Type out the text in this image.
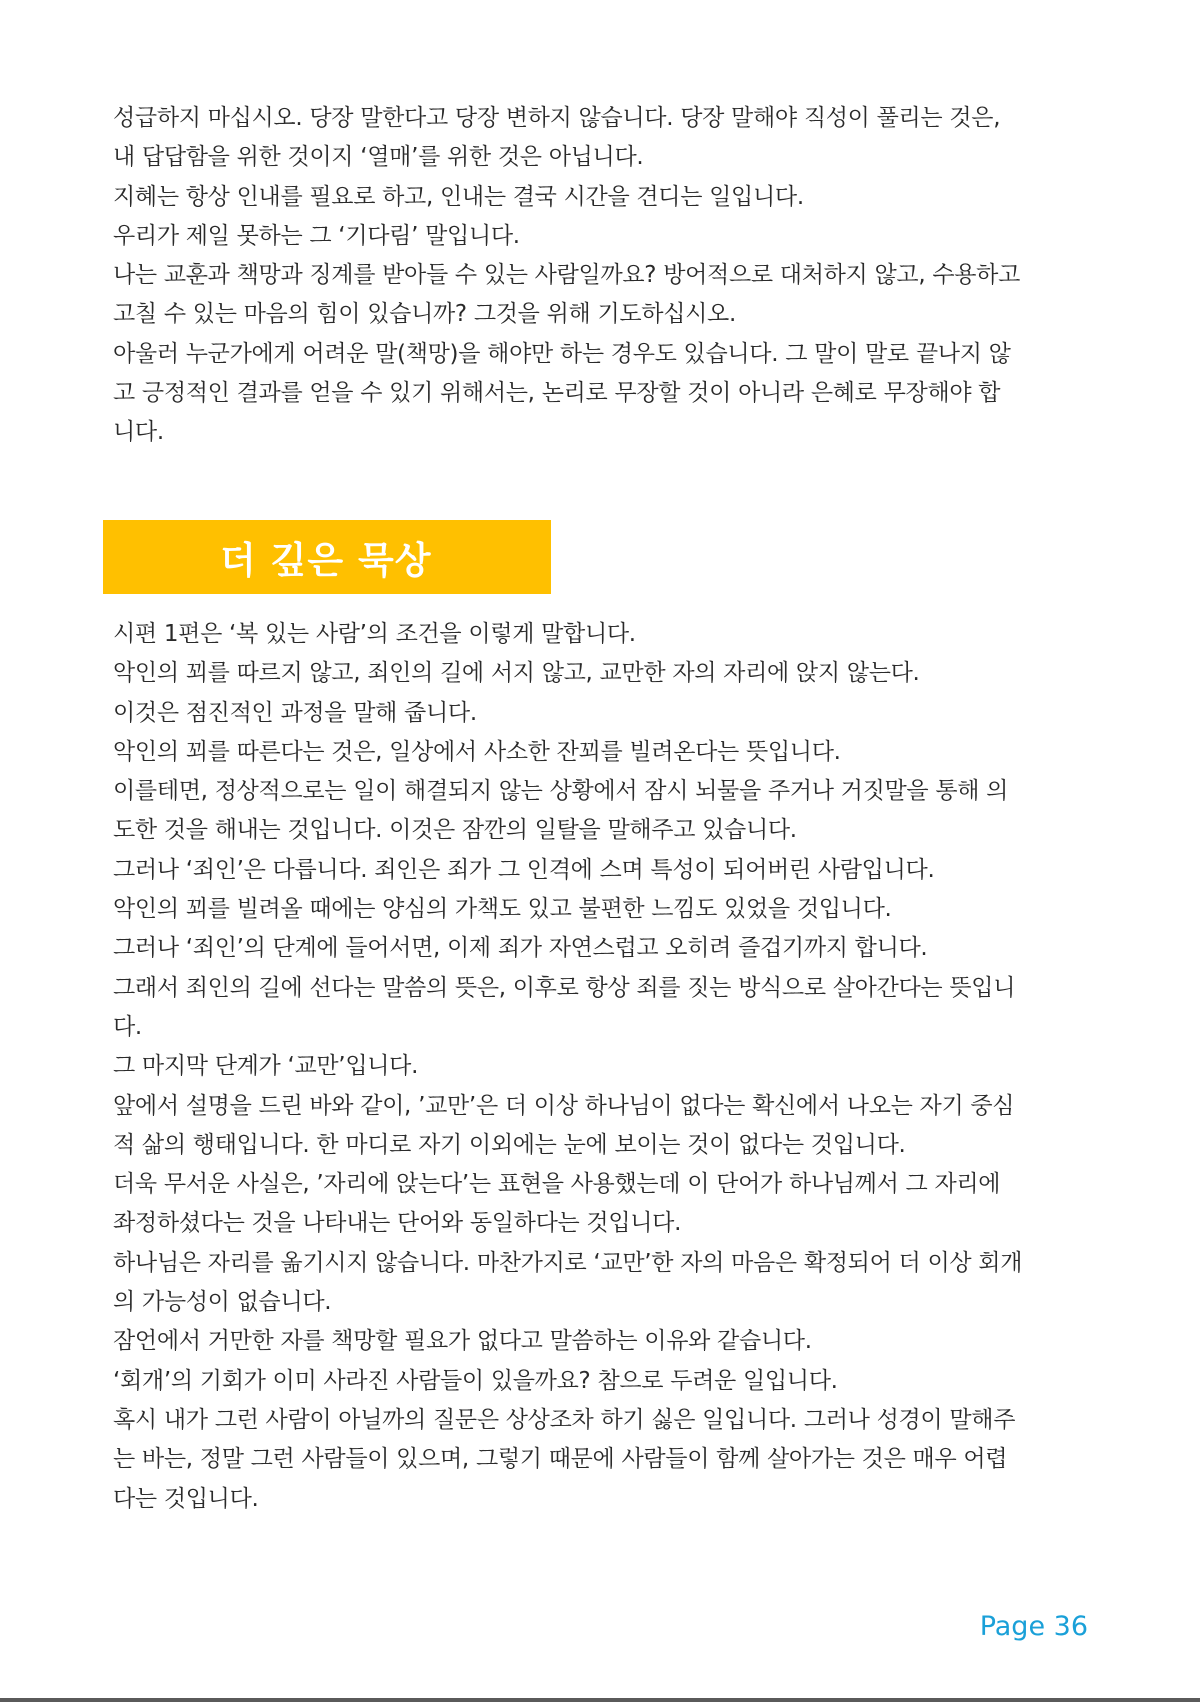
성급하지 마십시오. 당장 말한다고 당장 변하지 않습니다. 당장 말해야 직성이 풀리는 것은,
내 답답함을 위한 것이지 ‘열매’를 위한 것은 아닙니다.
지혜는 항상 인내를 필요로 하고, 인내는 결국 시간을 견디는 일입니다.
우리가 제일 못하는 그 ‘기다림’ 말입니다.
나는 교훈과 책망과 징계를 받아들 수 있는 사람일까요? 방어적으로 대처하지 않고, 수용하고
고칠 수 있는 마음의 힘이 있습니까? 그것을 위해 기도하십시오.
아울러 누군가에게 어려운 말(책망)을 해야만 하는 경우도 있습니다. 그 말이 말로 끝나지 않
고 긍정적인 결과를 얻을 수 있기 위해서는, 논리로 무장할 것이 아니라 은혜로 무장해야 합
니다.
더 깊은 묵상
시편 1편은 ‘복 있는 사람’의 조건을 이렇게 말합니다.
악인의 꾀를 따르지 않고, 죄인의 길에 서지 않고, 교만한 자의 자리에 앉지 않는다.
이것은 점진적인 과정을 말해 줍니다.
악인의 꾀를 따른다는 것은, 일상에서 사소한 잔꾀를 빌려온다는 뜻입니다.
이를테면, 정상적으로는 일이 해결되지 않는 상황에서 잠시 뇌물을 주거나 거짓말을 통해 의
도한 것을 해내는 것입니다. 이것은 잠깐의 일탈을 말해주고 있습니다.
그러나 ‘죄인’은 다릅니다. 죄인은 죄가 그 인격에 스며 특성이 되어버린 사람입니다.
악인의 꾀를 빌려올 때에는 양심의 가책도 있고 불편한 느낌도 있었을 것입니다.
그러나 ‘죄인’의 단계에 들어서면, 이제 죄가 자연스럽고 오히려 즐겁기까지 합니다.
그래서 죄인의 길에 선다는 말씀의 뜻은, 이후로 항상 죄를 짓는 방식으로 살아간다는 뜻입니
다.
그 마지막 단계가 ‘교만’입니다.
앞에서 설명을 드린 바와 같이, ’교만’은 더 이상 하나님이 없다는 확신에서 나오는 자기 중심
적 삶의 행태입니다. 한 마디로 자기 이외에는 눈에 보이는 것이 없다는 것입니다.
더욱 무서운 사실은, ’자리에 앉는다’는 표현을 사용했는데 이 단어가 하나님께서 그 자리에
좌정하셨다는 것을 나타내는 단어와 동일하다는 것입니다.
하나님은 자리를 옮기시지 않습니다. 마찬가지로 ‘교만’한 자의 마음은 확정되어 더 이상 회개
의 가능성이 없습니다.
잠언에서 거만한 자를 책망할 필요가 없다고 말씀하는 이유와 같습니다.
‘회개’의 기회가 이미 사라진 사람들이 있을까요? 참으로 두려운 일입니다.
혹시 내가 그런 사람이 아닐까의 질문은 상상조차 하기 싫은 일입니다. 그러나 성경이 말해주
는 바는, 정말 그런 사람들이 있으며, 그렇기 때문에 사람들이 함께 살아가는 것은 매우 어렵
다는 것입니다.
Page 36
